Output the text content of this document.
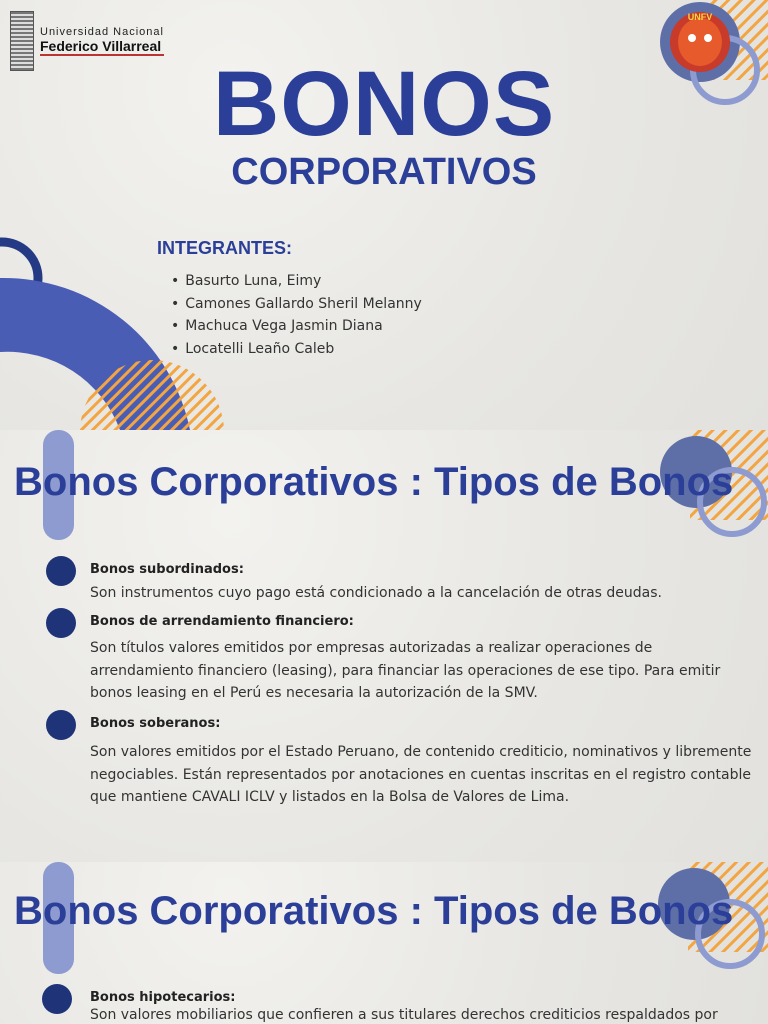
Universidad Nacional
Federico Villarreal
UNFV
BONOS
CORPORATIVOS
INTEGRANTES:
• Basurto Luna, Eimy
• Camones Gallardo Sheril Melanny
• Machuca Vega Jasmin Diana
• Locatelli Leaño Caleb
Bonos Corporativos : Tipos de Bonos
Bonos subordinados:
Son instrumentos cuyo pago está condicionado a la cancelación de otras deudas.
Bonos de arrendamiento financiero:
Son títulos valores emitidos por empresas autorizadas a realizar operaciones de arrendamiento financiero (leasing), para financiar las operaciones de ese tipo. Para emitir bonos leasing en el Perú es necesaria la autorización de la SMV.
Bonos soberanos:
Son valores emitidos por el Estado Peruano, de contenido crediticio, nominativos y libremente negociables. Están representados por anotaciones en cuentas inscritas en el registro contable que mantiene CAVALI ICLV y listados en la Bolsa de Valores de Lima.
Bonos Corporativos : Tipos de Bonos
Bonos hipotecarios:
Son valores mobiliarios que confieren a sus titulares derechos crediticios respaldados por
